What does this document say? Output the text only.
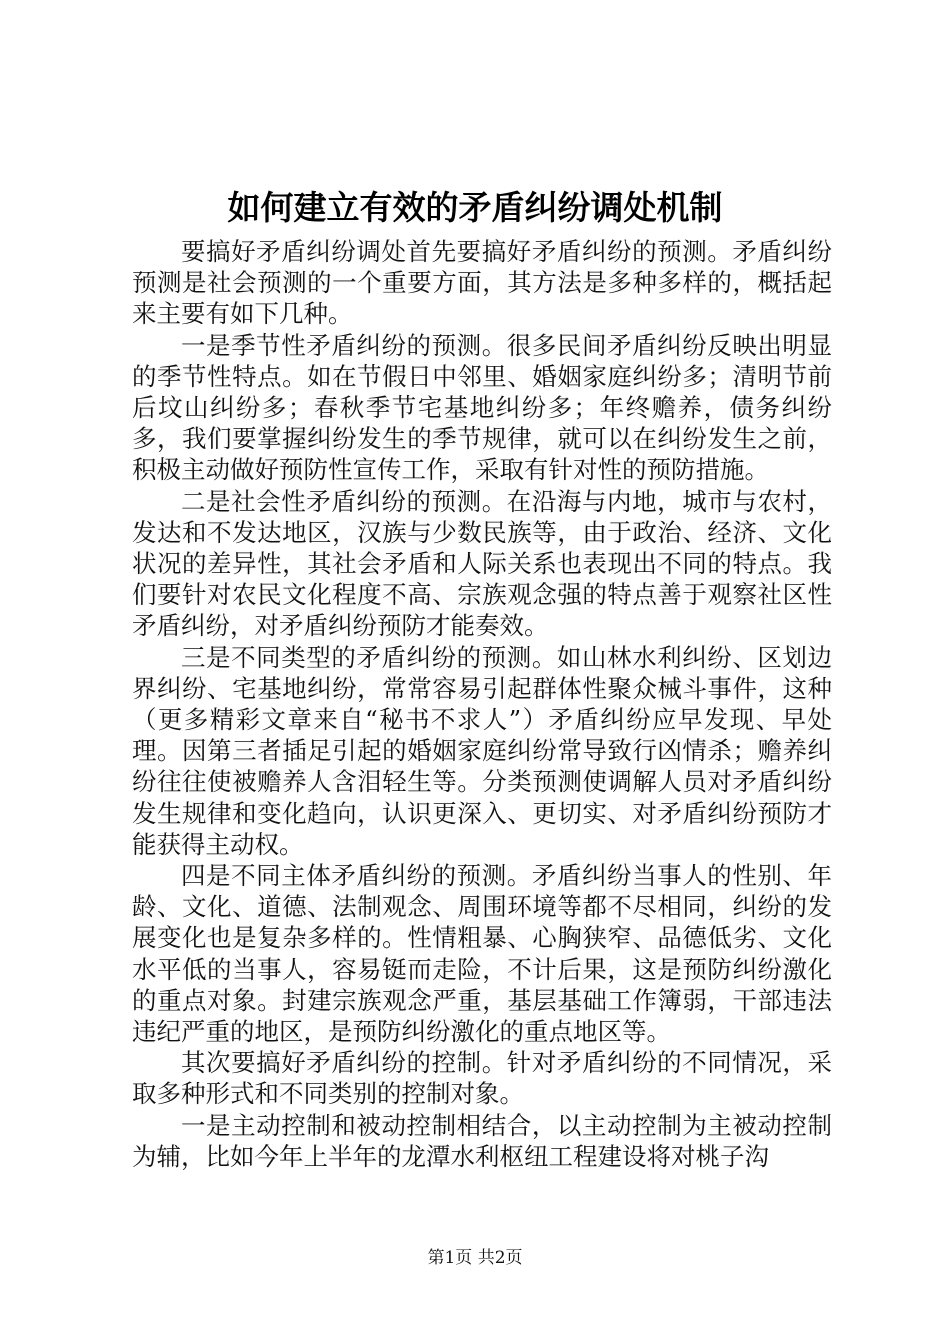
如何建立有效的矛盾纠纷调处机制

要搞好矛盾纠纷调处首先要搞好矛盾纠纷的预测。矛盾纠纷预测是社会预测的一个重要方面，其方法是多种多样的，概括起来主要有如下几种。

一是季节性矛盾纠纷的预测。很多民间矛盾纠纷反映出明显的季节性特点。如在节假日中邻里、婚姻家庭纠纷多；清明节前后坟山纠纷多；春秋季节宅基地纠纷多；年终赡养，债务纠纷多，我们要掌握纠纷发生的季节规律，就可以在纠纷发生之前，积极主动做好预防性宣传工作，采取有针对性的预防措施。

二是社会性矛盾纠纷的预测。在沿海与内地，城市与农村，发达和不发达地区，汉族与少数民族等，由于政治、经济、文化状况的差异性，其社会矛盾和人际关系也表现出不同的特点。我们要针对农民文化程度不高、宗族观念强的特点善于观察社区性矛盾纠纷，对矛盾纠纷预防才能奏效。

三是不同类型的矛盾纠纷的预测。如山林水利纠纷、区划边界纠纷、宅基地纠纷，常常容易引起群体性聚众械斗事件，这种（更多精彩文章来自“秘书不求人”）矛盾纠纷应早发现、早处理。因第三者插足引起的婚姻家庭纠纷常导致行凶情杀；赡养纠纷往往使被赡养人含泪轻生等。分类预测使调解人员对矛盾纠纷发生规律和变化趋向，认识更深入、更切实、对矛盾纠纷预防才能获得主动权。

四是不同主体矛盾纠纷的预测。矛盾纠纷当事人的性别、年龄、文化、道德、法制观念、周围环境等都不尽相同，纠纷的发展变化也是复杂多样的。性情粗暴、心胸狭窄、品德低劣、文化水平低的当事人，容易铤而走险，不计后果，这是预防纠纷激化的重点对象。封建宗族观念严重，基层基础工作簿弱，干部违法违纪严重的地区，是预防纠纷激化的重点地区等。

其次要搞好矛盾纠纷的控制。针对矛盾纠纷的不同情况，采取多种形式和不同类别的控制对象。

一是主动控制和被动控制相结合，以主动控制为主被动控制为辅，比如今年上半年的龙潭水利枢纽工程建设将对桃子沟

第1页 共2页
